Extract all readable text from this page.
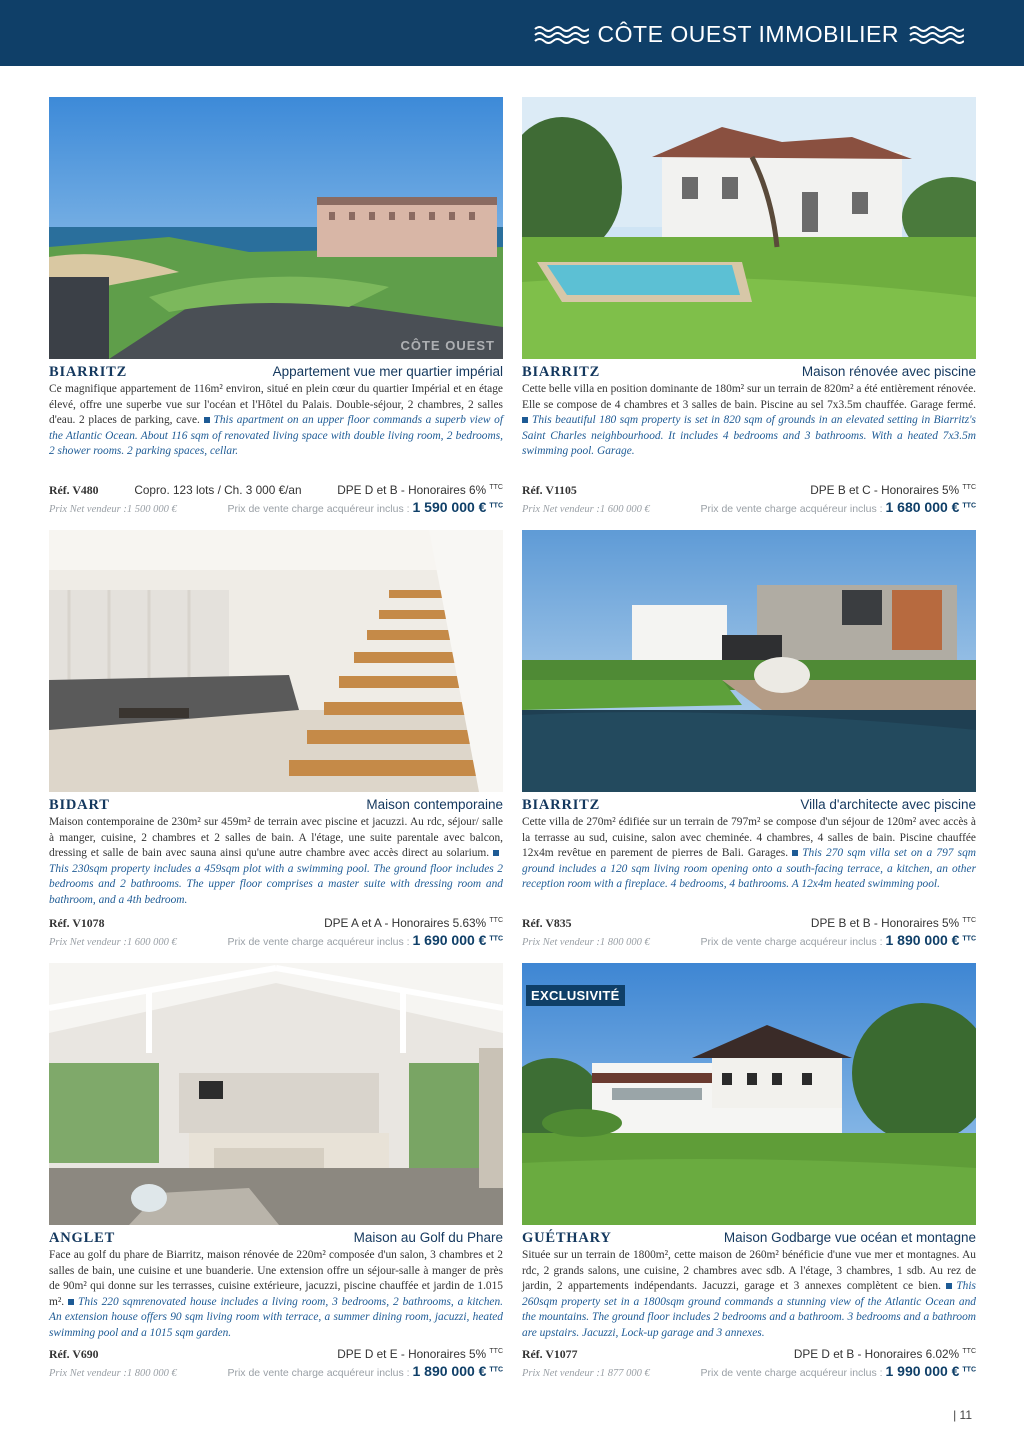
CÔTE OUEST IMMOBILIER
CÔTE OUEST
BIARRITZ	Appartement vue mer quartier impérial
Ce magnifique appartement de 116m² environ, situé en plein cœur du quartier Impérial et en étage élevé, offre une superbe vue sur l'océan et l'Hôtel du Palais. Double-séjour, 2 chambres, 2 salles d'eau. 2 places de parking, cave. This apartment on an upper floor commands a superb view of the Atlantic Ocean. About 116 sqm of renovated living space with double living room, 2 bedrooms, 2 shower rooms. 2 parking spaces, cellar.
Réf. V480	Copro. 123 lots / Ch. 3 000 €/an	DPE D et B - Honoraires 6% $^{TTC}$
Prix Net vendeur :1 500 000 €	Prix de vente charge acquéreur inclus : 1 590 000 € $^{TTC}$
BIARRITZ	Maison rénovée avec piscine
Cette belle villa en position dominante de 180m² sur un terrain de 820m² a été entièrement rénovée. Elle se compose de 4 chambres et 3 salles de bain. Piscine au sel 7x3.5m chauffée. Garage fermé. This beautiful 180 sqm property is set in 820 sqm of grounds in an elevated setting in Biarritz's Saint Charles neighbourhood. It includes 4 bedrooms and 3 bathrooms. With a heated 7x3.5m swimming pool. Garage.
Réf. V1105	DPE B et C - Honoraires 5% $^{TTC}$
Prix Net vendeur :1 600 000 €	Prix de vente charge acquéreur inclus : 1 680 000 € $^{TTC}$
BIDART	Maison contemporaine
Maison contemporaine de 230m² sur 459m² de terrain avec piscine et jacuzzi. Au rdc, séjour/ salle à manger, cuisine, 2 chambres et 2 salles de bain. A l'étage, une suite parentale avec balcon, dressing et salle de bain avec sauna ainsi qu'une autre chambre avec accès direct au solarium. This 230sqm property includes a 459sqm plot with a swimming pool. The ground floor includes 2 bedrooms and 2 bathrooms. The upper floor comprises a master suite with dressing room and bathroom, and a 4th bedroom.
Réf. V1078	DPE A et A - Honoraires 5.63% $^{TTC}$
Prix Net vendeur :1 600 000 €	Prix de vente charge acquéreur inclus : 1 690 000 € $^{TTC}$
BIARRITZ	Villa d'architecte avec piscine
Cette villa de 270m² édifiée sur un terrain de 797m² se compose d'un séjour de 120m² avec accès à la terrasse au sud, cuisine, salon avec cheminée. 4 chambres, 4 salles de bain. Piscine chauffée 12x4m revêtue en parement de pierres de Bali. Garages. This 270 sqm villa set on a 797 sqm ground includes a 120 sqm living room opening onto a south-facing terrace, a kitchen, an other reception room with a fireplace. 4 bedrooms, 4 bathrooms. A 12x4m heated swimming pool.
Réf. V835	DPE B et B - Honoraires 5% $^{TTC}$
Prix Net vendeur :1 800 000 €	Prix de vente charge acquéreur inclus : 1 890 000 € $^{TTC}$
ANGLET	Maison au Golf du Phare
Face au golf du phare de Biarritz, maison rénovée de 220m² composée d'un salon, 3 chambres et 2 salles de bain, une cuisine et une buanderie. Une extension offre un séjour-salle à manger de près de 90m² qui donne sur les terrasses, cuisine extérieure, jacuzzi, piscine chauffée et jardin de 1.015 m². This 220 sqmrenovated house includes a living room, 3 bedrooms, 2 bathrooms, a kitchen. An extension house offers 90 sqm living room with terrace, a summer dining room, jacuzzi, heated swimming pool and a 1015 sqm garden.
Réf. V690	DPE D et E - Honoraires 5% $^{TTC}$
Prix Net vendeur :1 800 000 €	Prix de vente charge acquéreur inclus : 1 890 000 € $^{TTC}$
EXCLUSIVITÉ
GUÉTHARY	Maison Godbarge vue océan et montagne
Située sur un terrain de 1800m², cette maison de 260m² bénéficie d'une vue mer et montagnes. Au rdc, 2 grands salons, une cuisine, 2 chambres avec sdb. A l'étage, 3 chambres, 1 sdb. Au rez de jardin, 2 appartements indépendants. Jacuzzi, garage et 3 annexes complètent ce bien. This 260sqm property set in a 1800sqm ground commands a stunning view of the Atlantic Ocean and the mountains. The ground floor includes 2 bedrooms and a bathroom. 3 bedrooms and a bathroom are upstairs. Jacuzzi, Lock-up garage and 3 annexes.
Réf. V1077	DPE D et B - Honoraires 6.02% $^{TTC}$
Prix Net vendeur :1 877 000 €	Prix de vente charge acquéreur inclus : 1 990 000 € $^{TTC}$
| 11
